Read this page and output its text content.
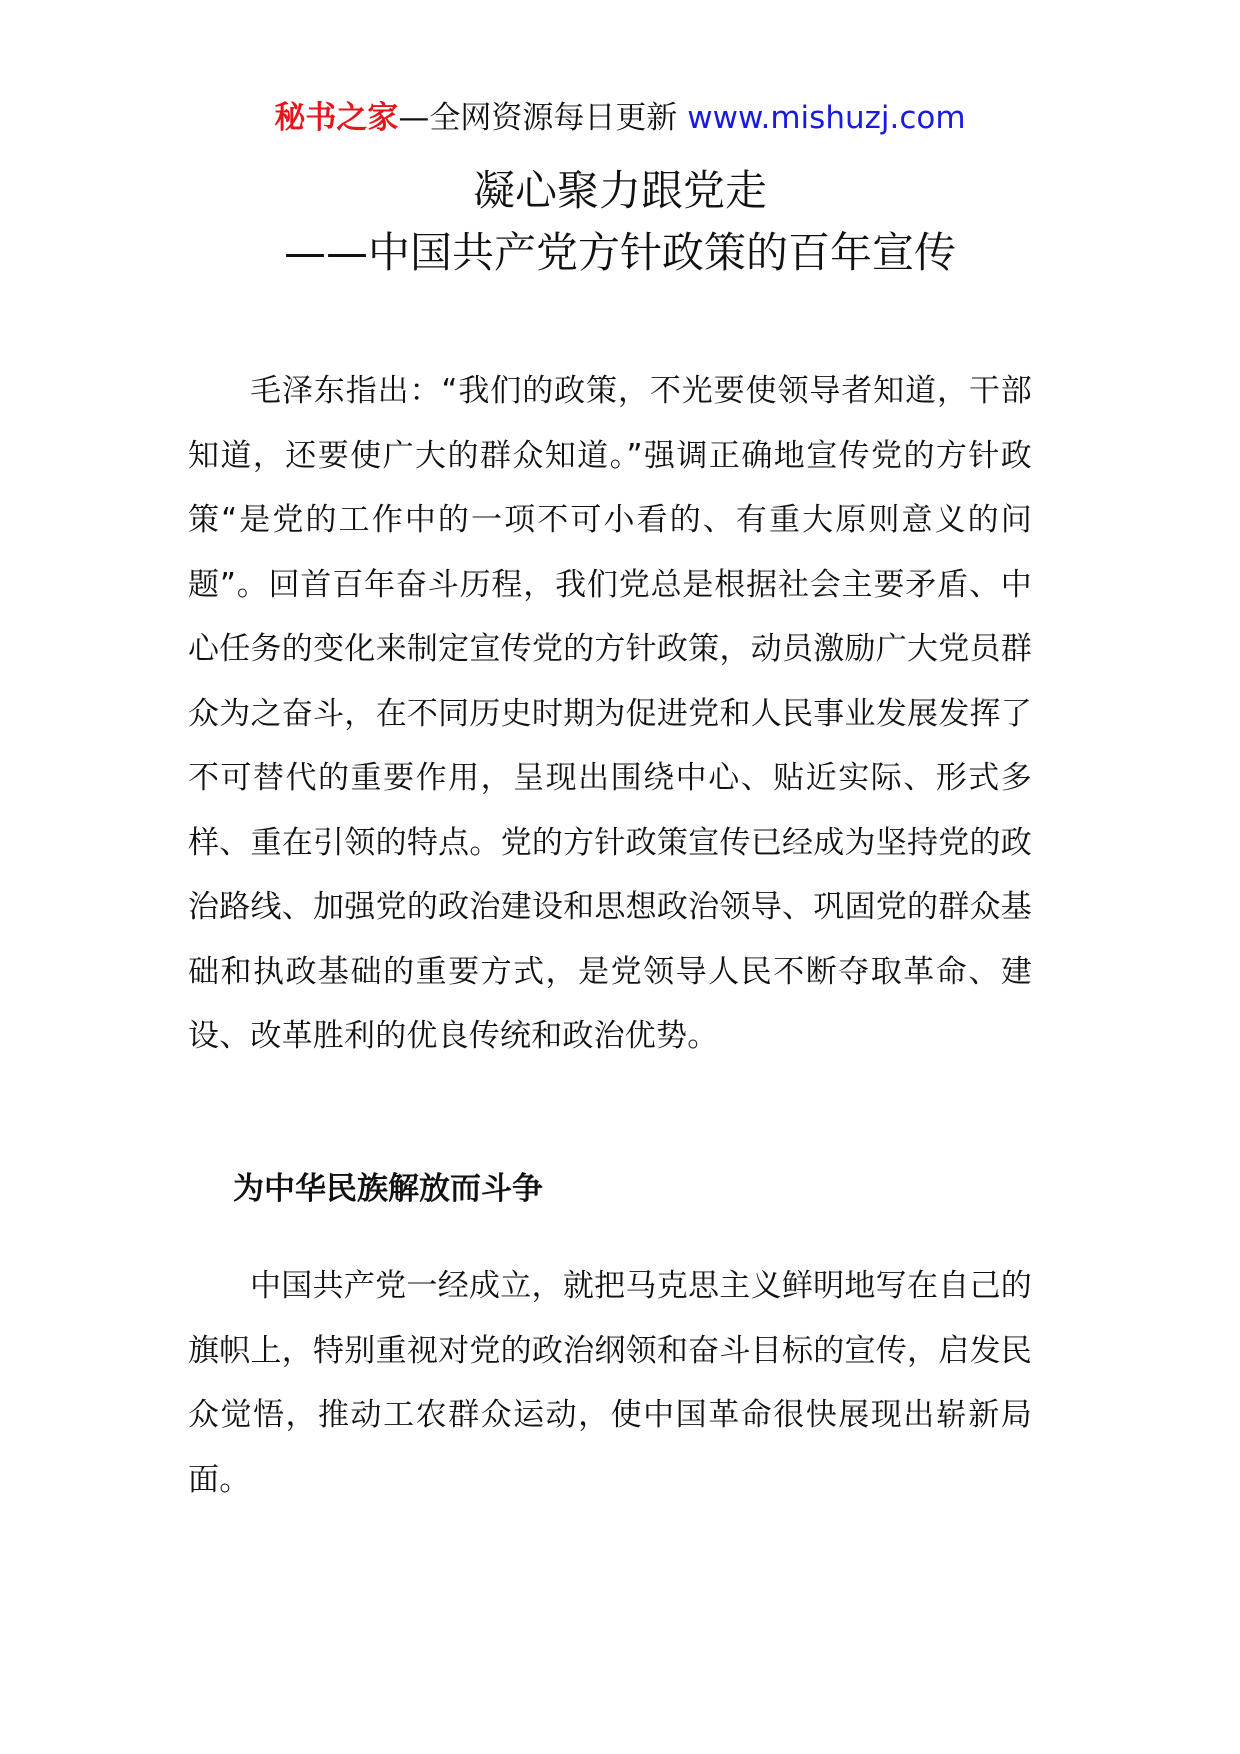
秘书之家—全网资源每日更新 www.mishuzj.com
凝心聚力跟党走
——中国共产党方针政策的百年宣传

毛泽东指出：“我们的政策，不光要使领导者知道，干部知道，还要使广大的群众知道。”强调正确地宣传党的方针政策“是党的工作中的一项不可小看的、有重大原则意义的问题”。回首百年奋斗历程，我们党总是根据社会主要矛盾、中心任务的变化来制定宣传党的方针政策，动员激励广大党员群众为之奋斗，在不同历史时期为促进党和人民事业发展发挥了不可替代的重要作用，呈现出围绕中心、贴近实际、形式多样、重在引领的特点。党的方针政策宣传已经成为坚持党的政治路线、加强党的政治建设和思想政治领导、巩固党的群众基础和执政基础的重要方式，是党领导人民不断夺取革命、建设、改革胜利的优良传统和政治优势。

为中华民族解放而斗争

中国共产党一经成立，就把马克思主义鲜明地写在自己的旗帜上，特别重视对党的政治纲领和奋斗目标的宣传，启发民众觉悟，推动工农群众运动，使中国革命很快展现出崭新局面。
